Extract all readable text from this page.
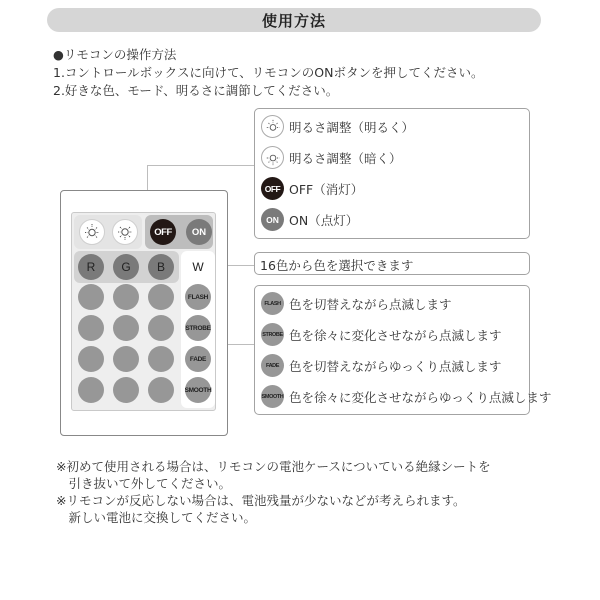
使用方法
●リモコンの操作方法
1.コントロールボックスに向けて、リモコンのONボタンを押してください。
2.好きな色、モード、明るさに調節してください。
OFF	ON
R	G	B	W
FLASH
STROBE
FADE
SMOOTH
明るさ調整（明るく）
明るさ調整（暗く）
OFF OFF（消灯）
ON ON（点灯）
16色から色を選択できます
FLASH 色を切替えながら点滅します
STROBE 色を徐々に変化させながら点滅します
FADE 色を切替えながらゆっくり点滅します
SMOOTH 色を徐々に変化させながらゆっくり点滅します
※初めて使用される場合は、リモコンの電池ケースについている絶縁シートを
　引き抜いて外してください。
※リモコンが反応しない場合は、電池残量が少ないなどが考えられます。
　新しい電池に交換してください。
